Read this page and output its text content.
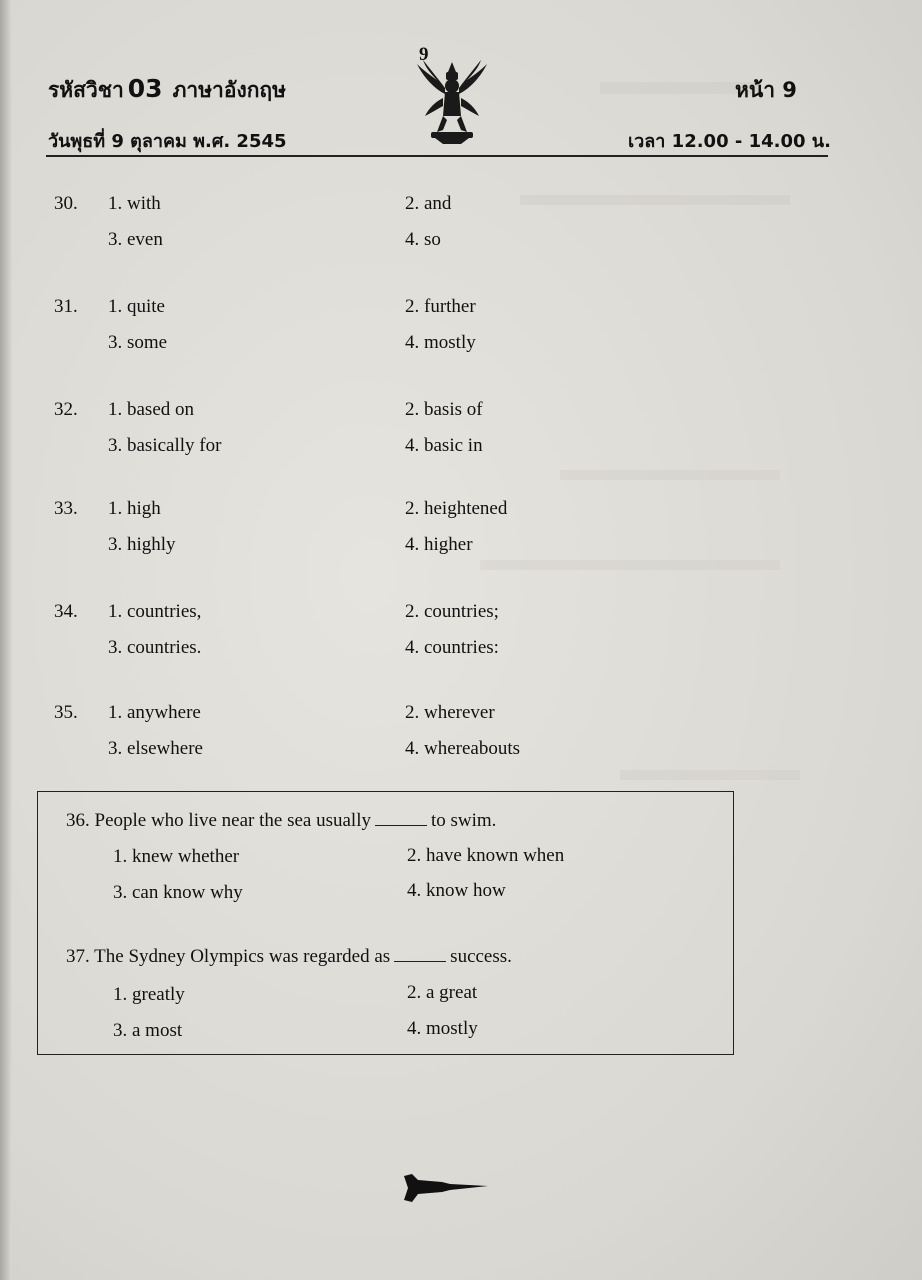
9
รหัสวิชา 03 ภาษาอังกฤษ	หน้า 9
วันพุธที่ 9 ตุลาคม พ.ศ. 2545	เวลา 12.00 - 14.00 น.
30. 1. with	2. and
3. even	4. so
31. 1. quite	2. further
3. some	4. mostly
32. 1. based on	2. basis of
3. basically for	4. basic in
33. 1. high	2. heightened
3. highly	4. higher
34. 1. countries,	2. countries;
3. countries.	4. countries:
35. 1. anywhere	2. wherever
3. elsewhere	4. whereabouts
36. People who live near the sea usually	to swim.
1. knew whether	2. have known when
3. can know why	4. know how
37. The Sydney Olympics was regarded as	success.
1. greatly	2. a great
3. a most	4. mostly
